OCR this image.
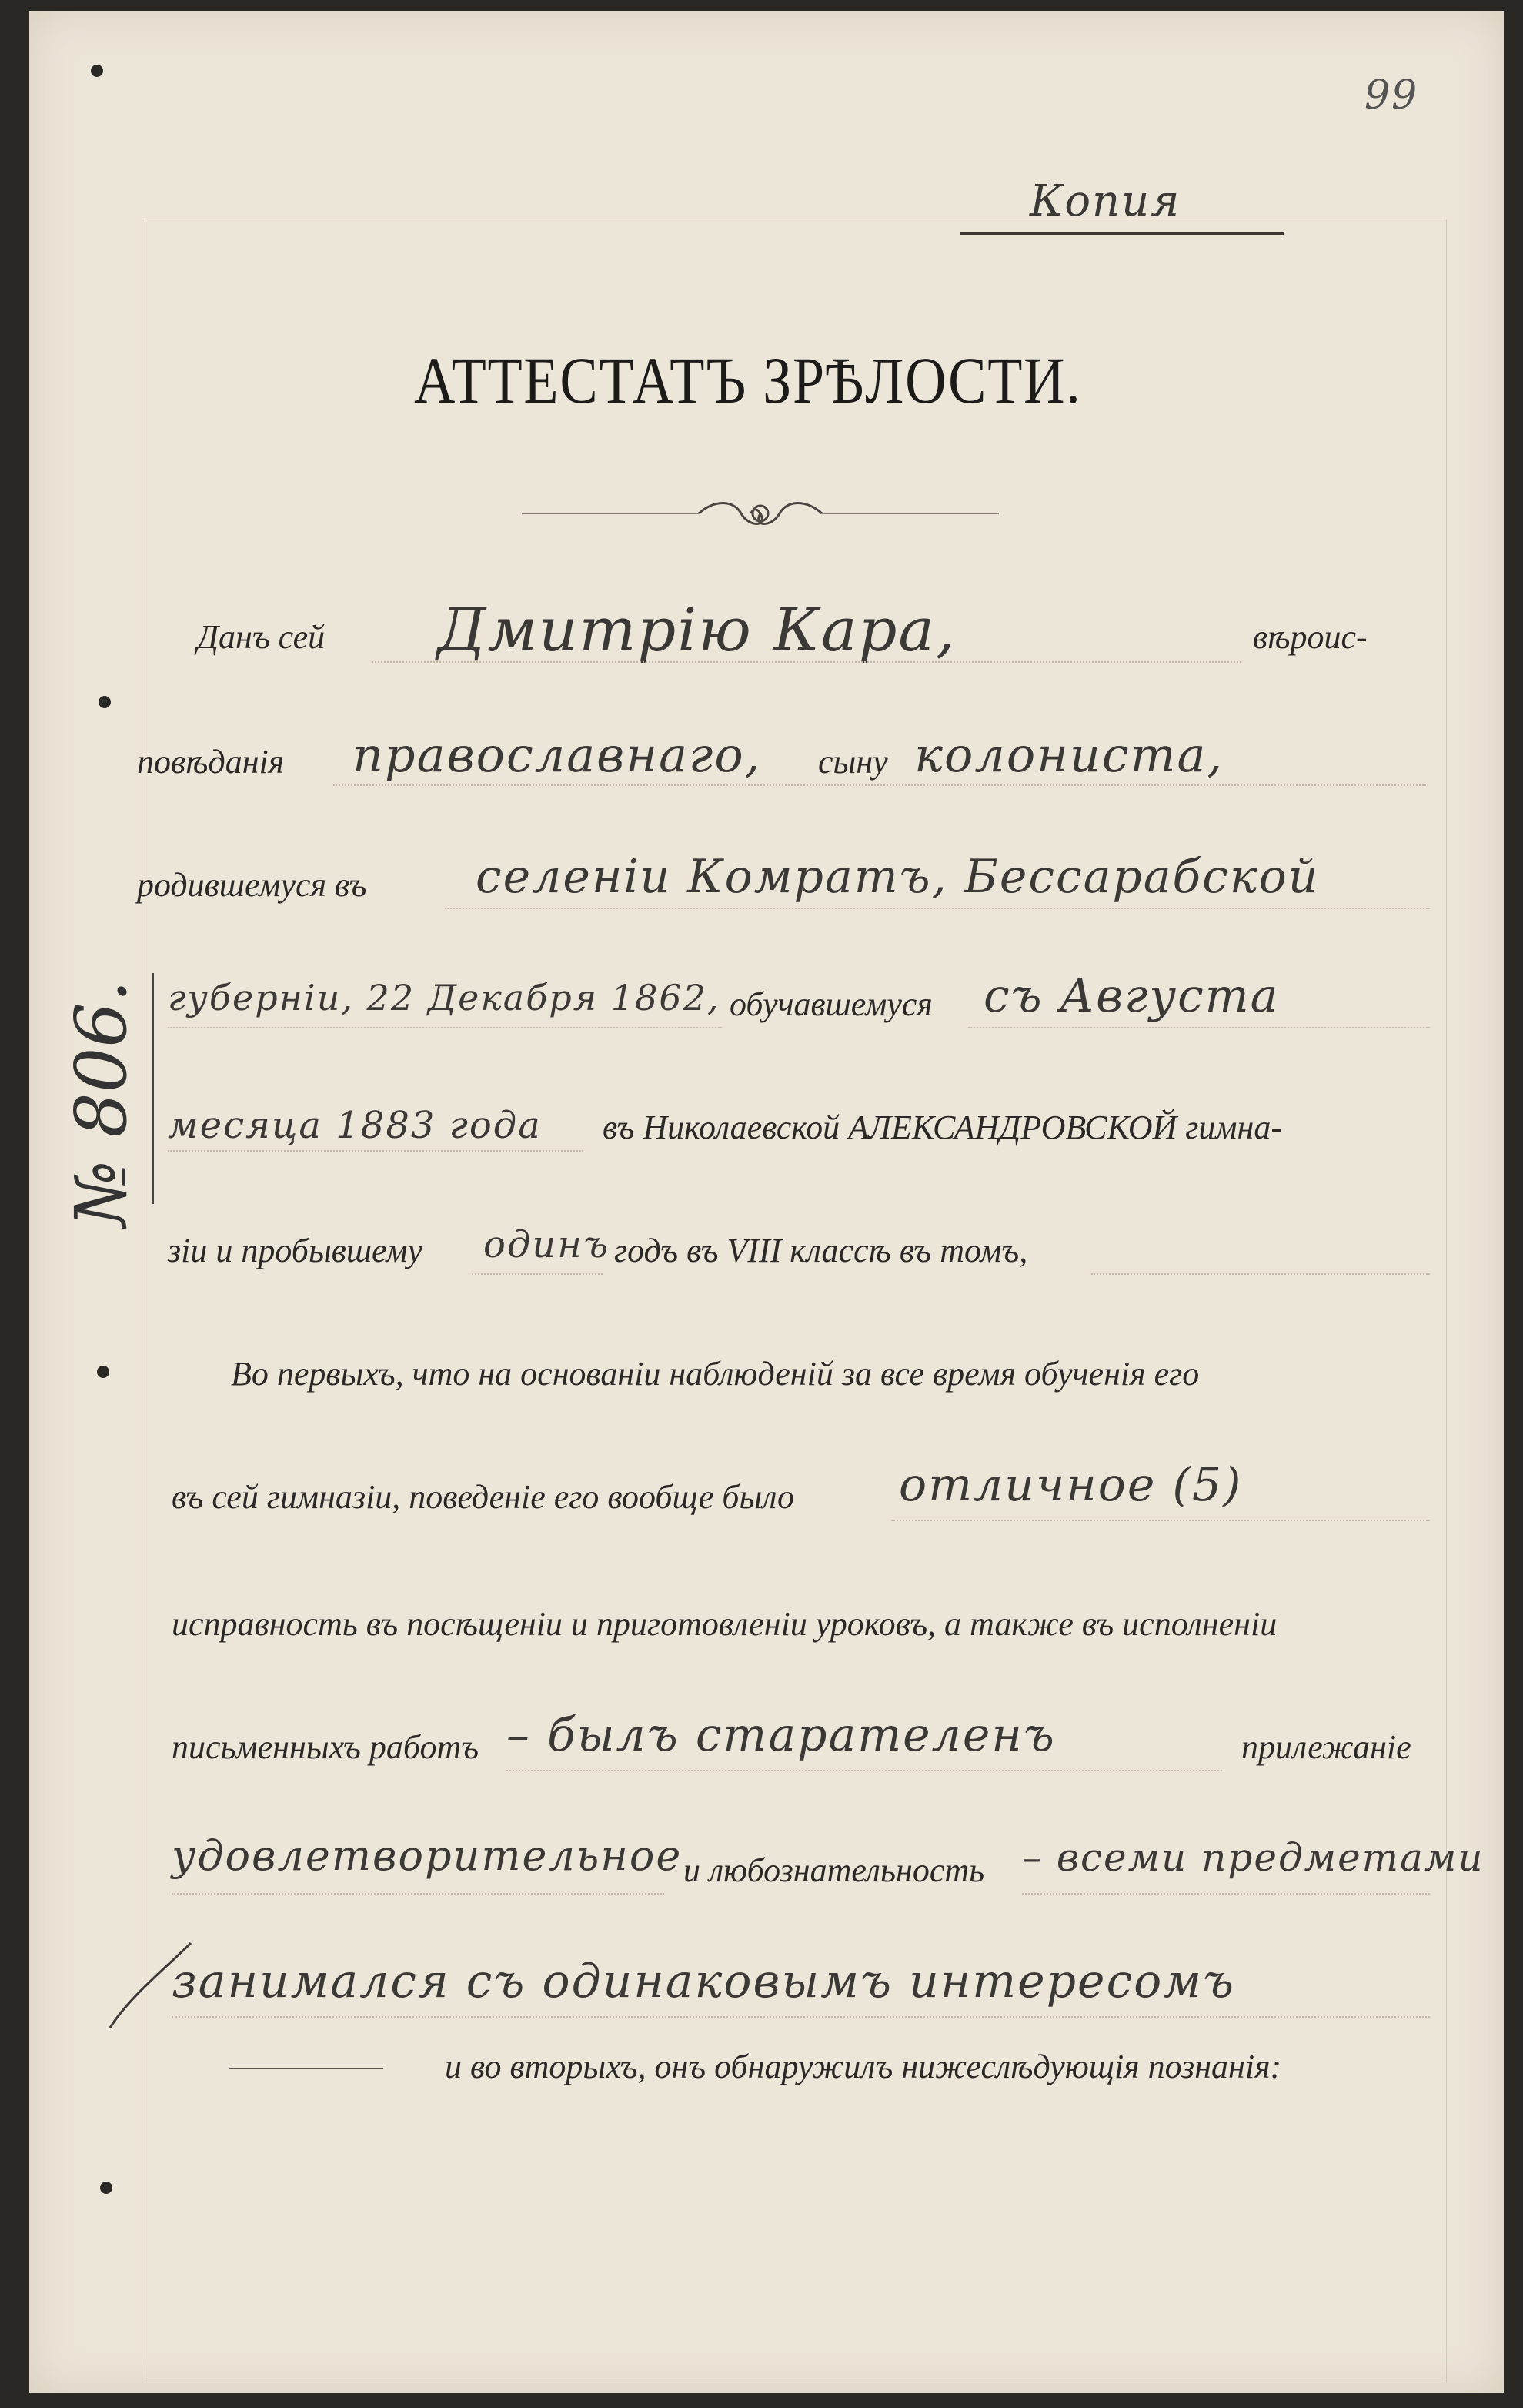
99
Копия
АТТЕСТАТЪ ЗРѢЛОСТИ.
№ 806.
Данъ сей Дмитрiю Кара,	вѣроис-
повѣданія православнаго, сыну колониста,
родившемуся въ селенiи Комратъ, Бессарабской
губернiи, 22 Декабря 1862, обучавшемуся съ Августа
месяца 1883 года въ Николаевской АЛЕКСАНДРОВСКОЙ гимна-
зіи и пробывшему одинъ годъ въ VIII классѣ въ томъ,
Во первыхъ, что на основаніи наблюденій за все время обученія его
въ сей гимназіи, поведеніе его вообще было отличное (5)
исправность въ посѣщеніи и приготовленіи уроковъ, а также въ исполненіи
письменныхъ работъ – былъ старателенъ	прилежаніе
удовлетворительное и любознательность – всеми предметами
занимался съ одинаковымъ интересомъ
и во вторыхъ, онъ обнаружилъ нижеслѣдующія познанія:
